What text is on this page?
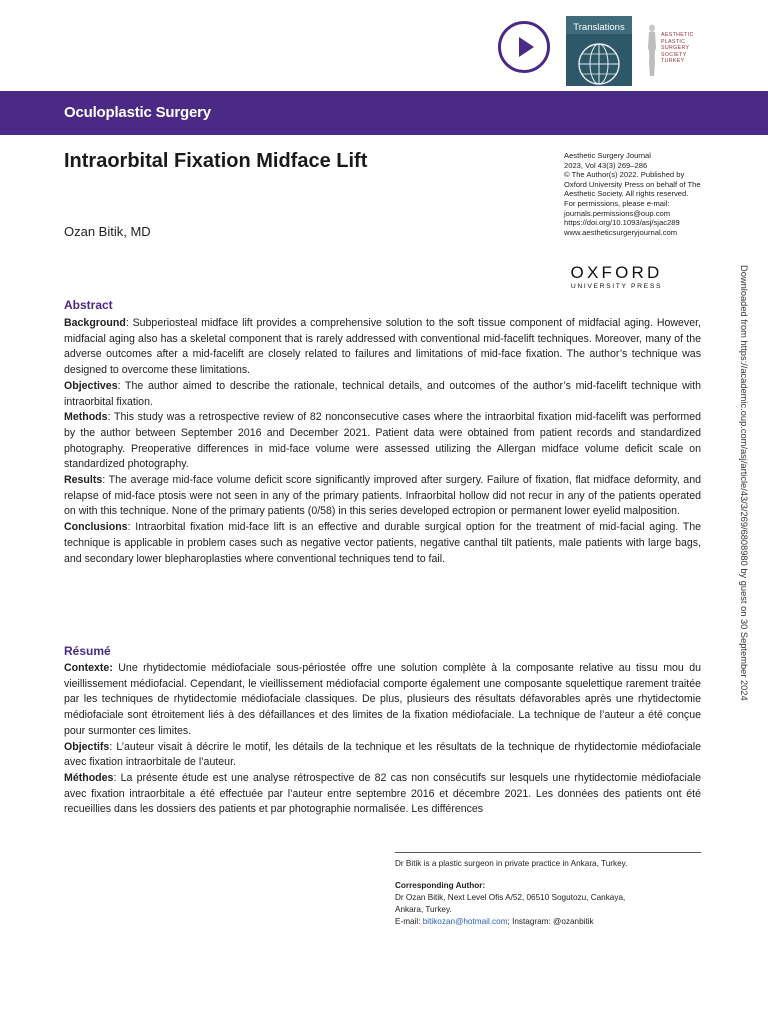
Translations
AESTHETIC
PLASTIC
SURGERY
SOCIETY
TURKEY
Oculoplastic Surgery
Intraorbital Fixation Midface Lift
Ozan Bitik, MD
Aesthetic Surgery Journal
2023, Vol 43(3) 269–286
© The Author(s) 2022. Published by
Oxford University Press on behalf of The
Aesthetic Society. All rights reserved.
For permissions, please e-mail:
journals.permissions@oup.com
https://doi.org/10.1093/asj/sjac289
www.aestheticsurgeryjournal.com
OXFORD
UNIVERSITY PRESS	Downloaded from https://academic.oup.com/asj/article/43/3/269/6808980 by guest on 30 September 2024
Abstract

Background: Subperiosteal midface lift provides a comprehensive solution to the soft tissue component of midfacial aging. However, midfacial aging also has a skeletal component that is rarely addressed with conventional mid-facelift techniques. Moreover, many of the adverse outcomes after a mid-facelift are closely related to failures and limitations of mid-face fixation. The author’s technique was designed to overcome these limitations.

Objectives: The author aimed to describe the rationale, technical details, and outcomes of the author’s mid-facelift technique with intraorbital fixation.

Methods: This study was a retrospective review of 82 nonconsecutive cases where the intraorbital fixation mid-facelift was performed by the author between September 2016 and December 2021. Patient data were obtained from patient records and standardized photography. Preoperative differences in mid-face volume were assessed utilizing the Allergan midface volume deficit scale on standardized photography.

Results: The average mid-face volume deficit score significantly improved after surgery. Failure of fixation, flat midface deformity, and relapse of mid-face ptosis were not seen in any of the primary patients. Infraorbital hollow did not recur in any of the patients operated on with this technique. None of the primary patients (0/58) in this series developed ectropion or permanent lower eyelid malposition.

Conclusions: Intraorbital fixation mid-face lift is an effective and durable surgical option for the treatment of mid-facial aging. The technique is applicable in problem cases such as negative vector patients, negative canthal tilt patients, male patients with large bags, and secondary lower blepharoplasties where conventional techniques tend to fail.

Résumé

Contexte: Une rhytidectomie médiofaciale sous-périostée offre une solution complète à la composante relative au tissu mou du vieillissement médiofacial. Cependant, le vieillissement médiofacial comporte également une composante squelettique rarement traitée par les techniques de rhytidectomie médiofaciale classiques. De plus, plusieurs des résultats défavorables après une rhytidectomie médiofaciale sont étroitement liés à des défaillances et des limites de la fixation médiofaciale. La technique de l’auteur a été conçue pour surmonter ces limites.

Objectifs: L’auteur visait à décrire le motif, les détails de la technique et les résultats de la technique de rhytidectomie médiofaciale avec fixation intraorbitale de l’auteur.

Méthodes: La présente étude est une analyse rétrospective de 82 cas non consécutifs sur lesquels une rhytidectomie médiofaciale avec fixation intraorbitale a été effectuée par l’auteur entre septembre 2016 et décembre 2021. Les données des patients ont été recueillies dans les dossiers des patients et par photographie normalisée. Les différences

Dr Bitik is a plastic surgeon in private practice in Ankara, Turkey.
Corresponding Author:
Dr Ozan Bitik, Next Level Ofis A/52, 06510 Sogutozu, Cankaya,
Ankara, Turkey.
E-mail: bitikozan@hotmail.com; Instagram: @ozanbitik
